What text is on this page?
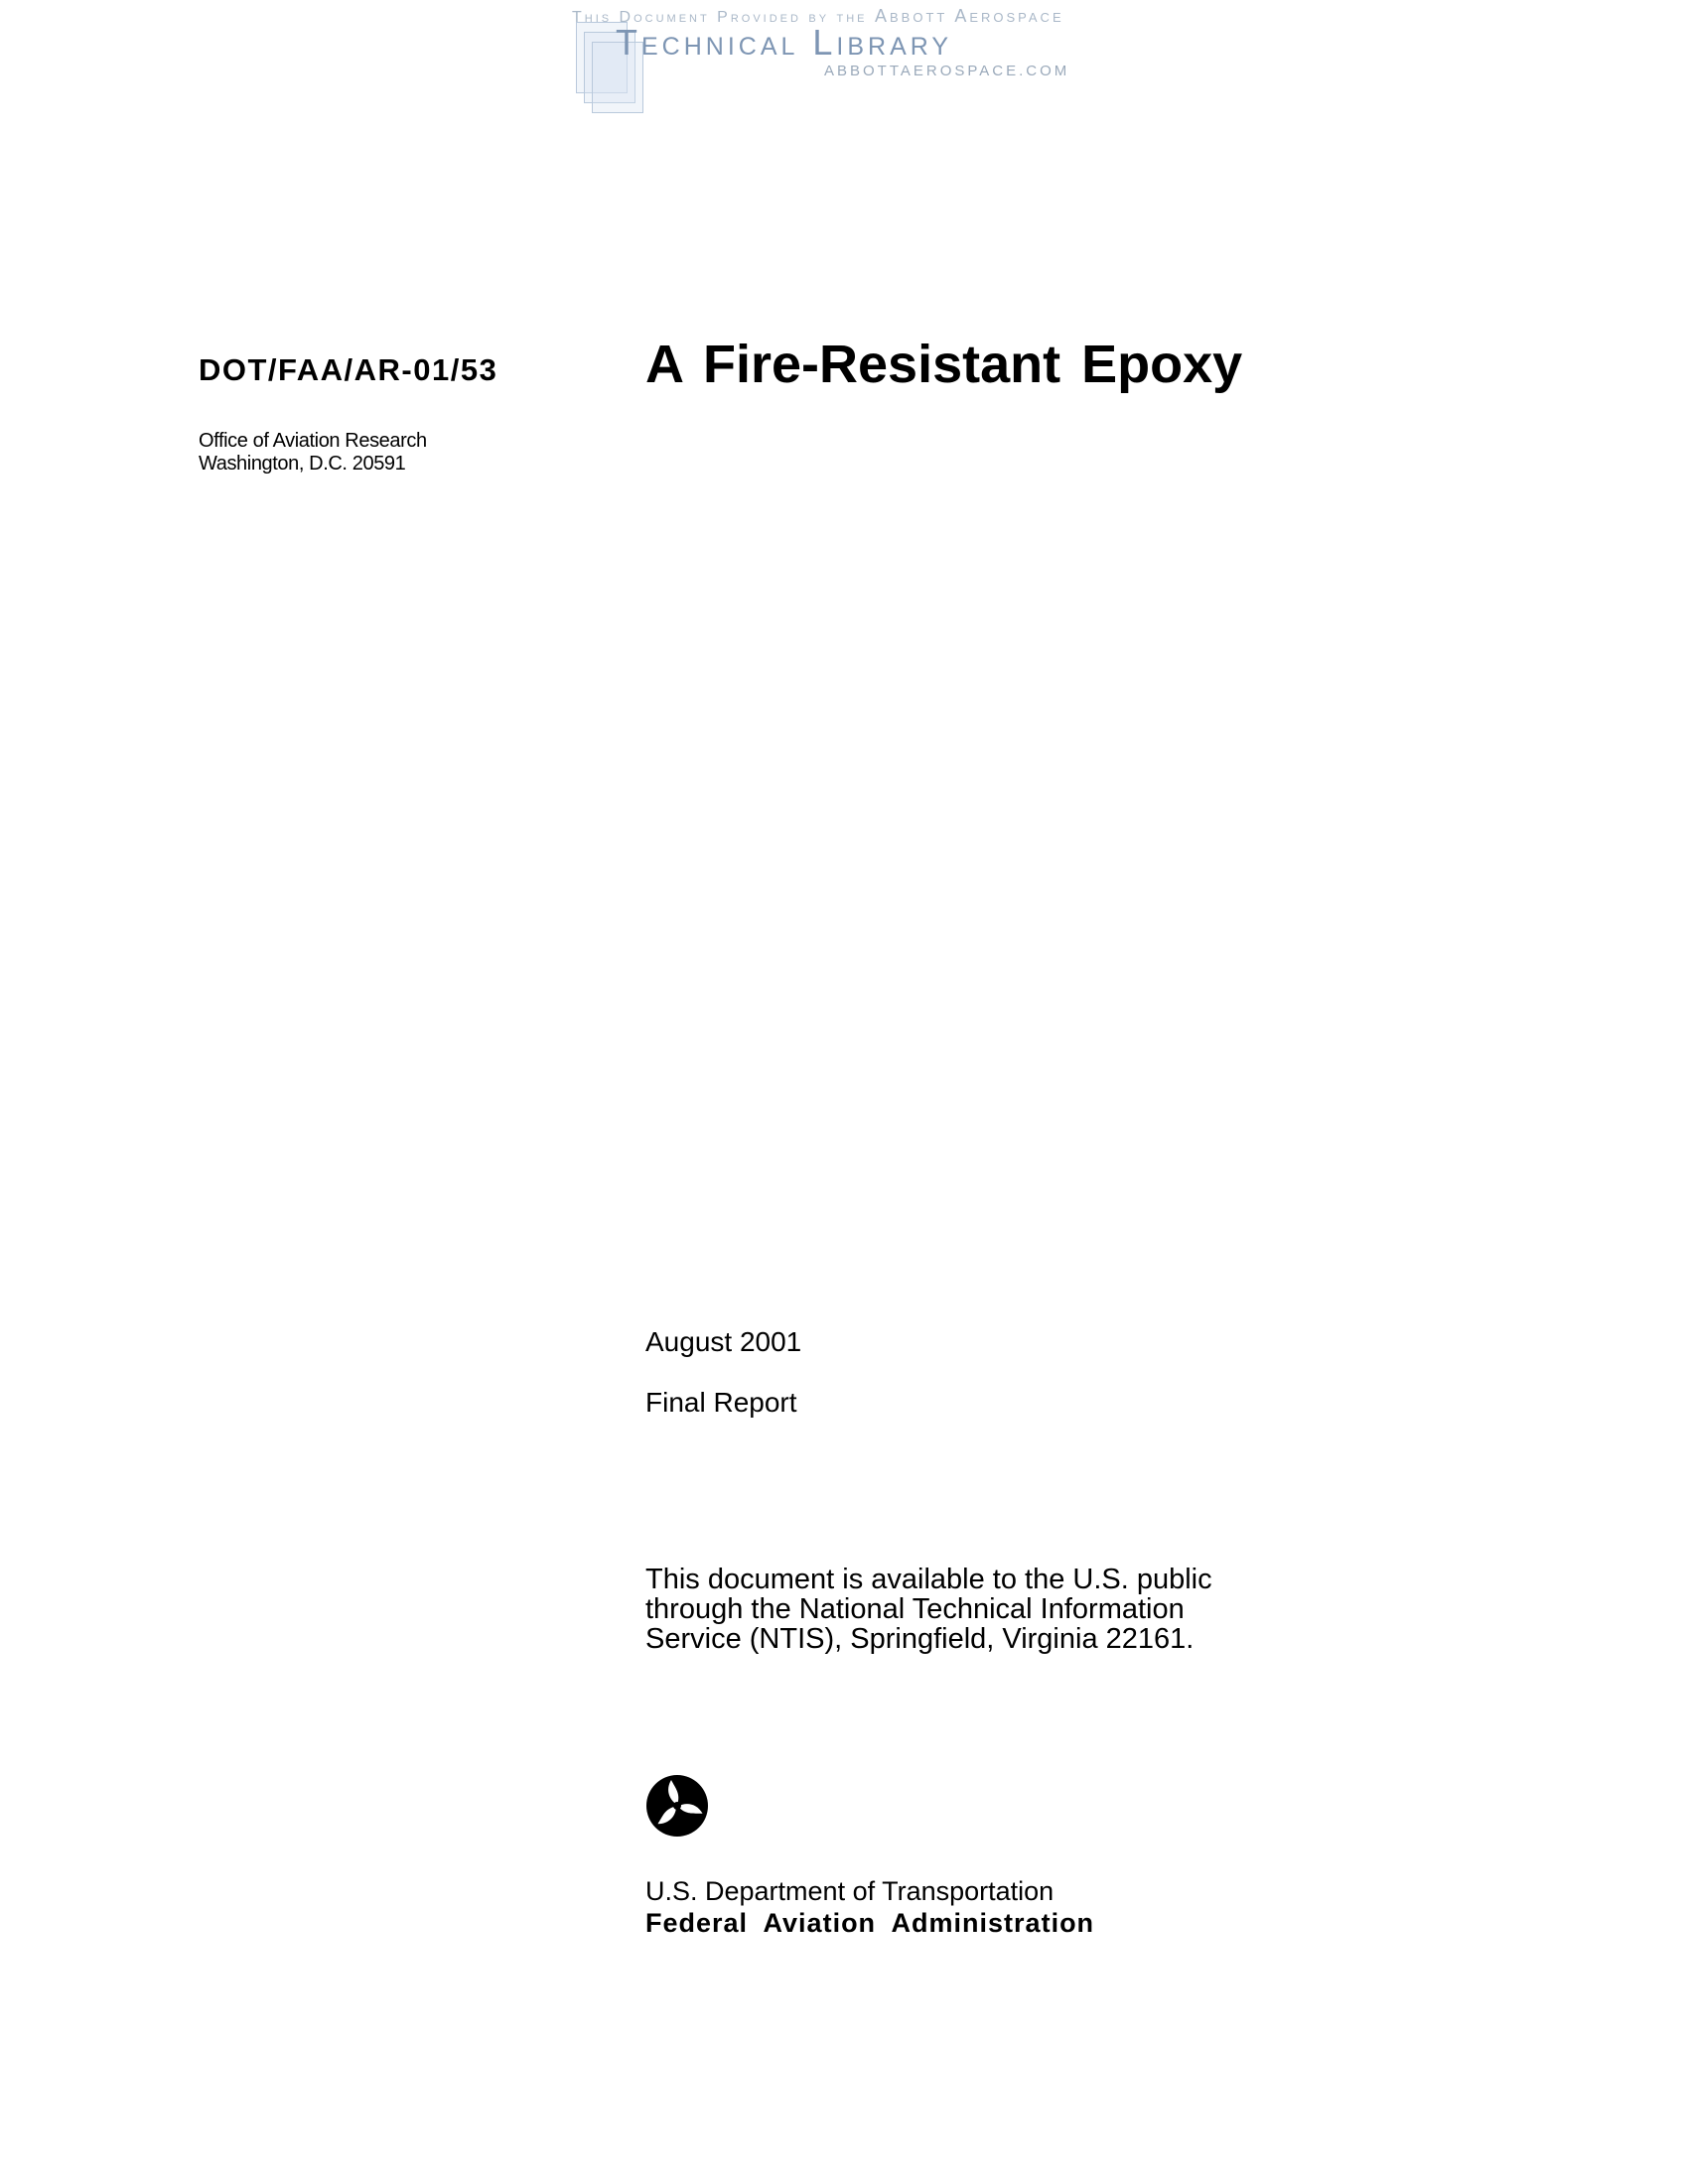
This Document Provided by the Abbott Aerospace
Technical Library
ABBOTTAEROSPACE.COM
DOT/FAA/AR-01/53	A Fire-Resistant Epoxy
Office of Aviation Research
Washington, D.C. 20591
August 2001
Final Report
This document is available to the U.S. public
through the National Technical Information
Service (NTIS), Springfield, Virginia 22161.
U.S. Department of Transportation
Federal Aviation Administration
